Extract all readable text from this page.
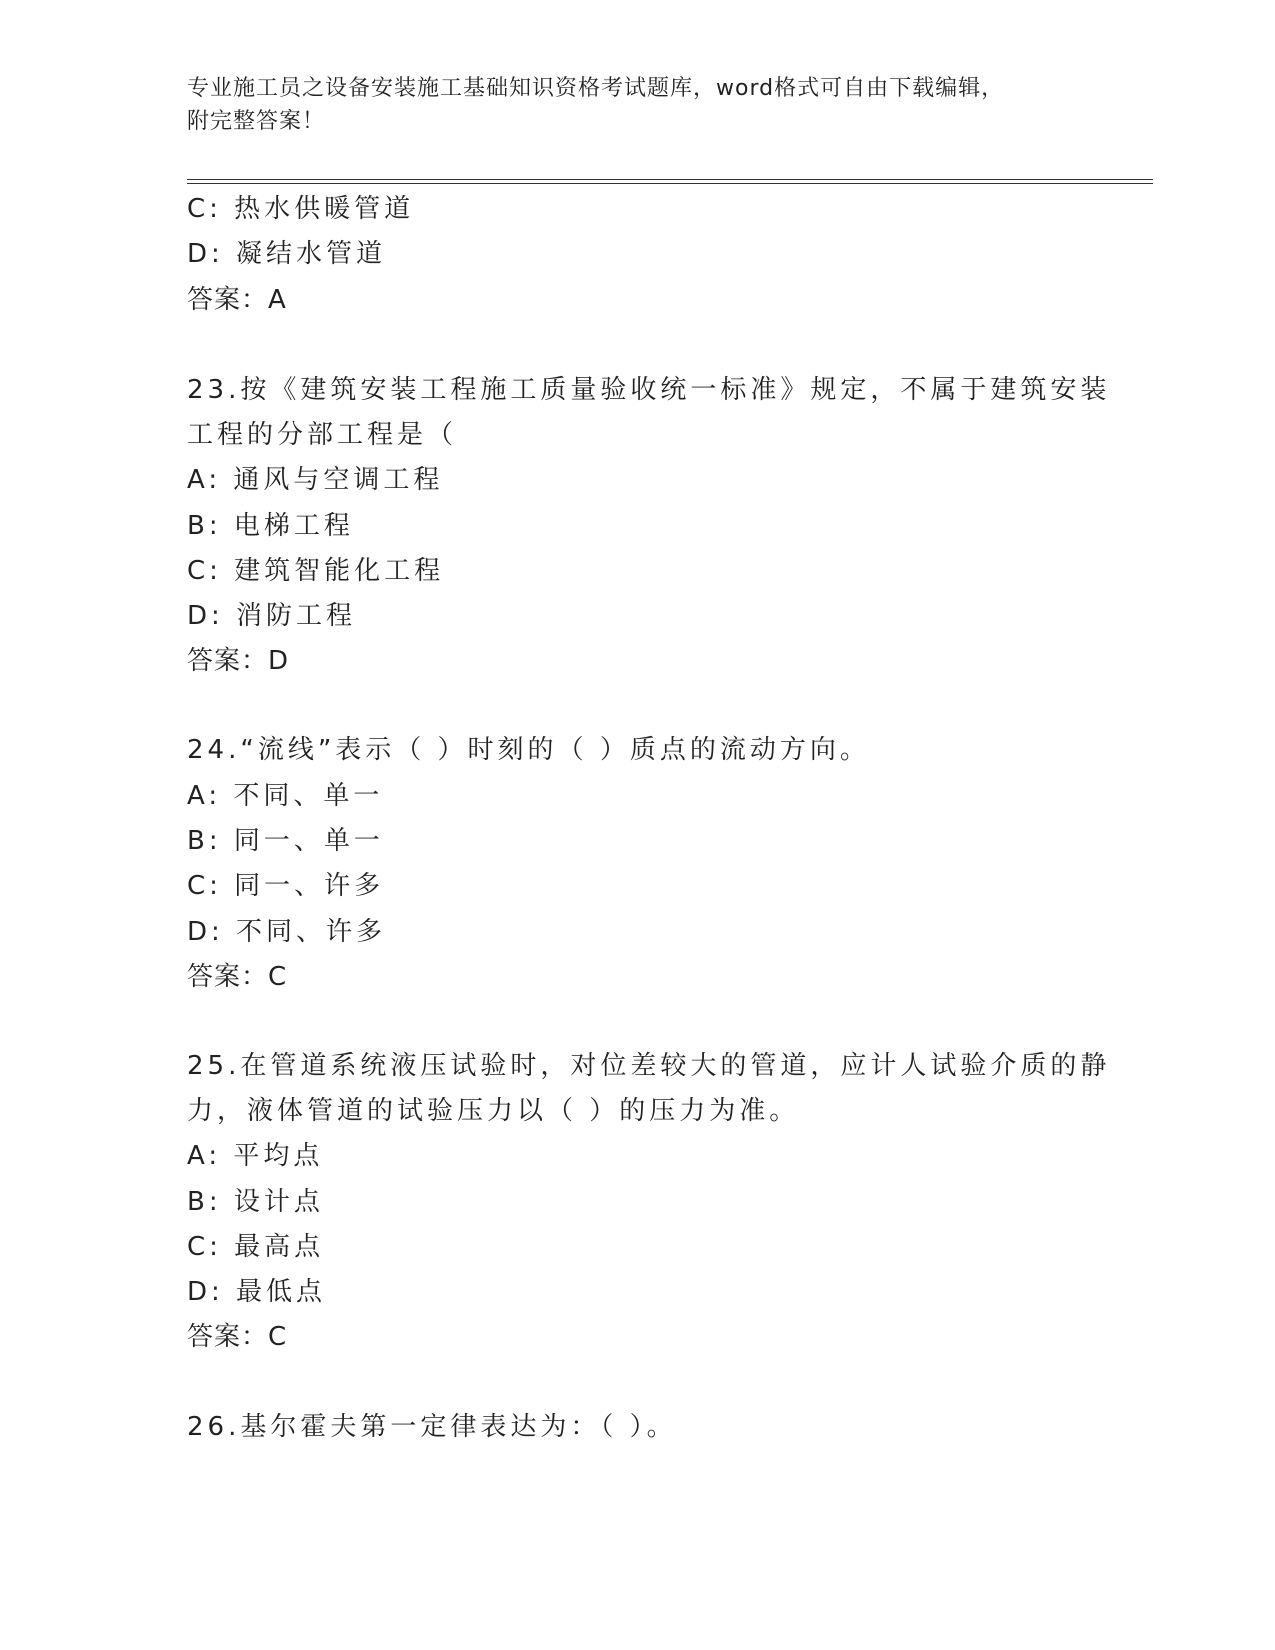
专业施工员之设备安装施工基础知识资格考试题库，word格式可自由下载编辑，
附完整答案！
C: 热水供暖管道
D: 凝结水管道
答案：A
23.按《建筑安装工程施工质量验收统一标准》规定，不属于建筑安装
工程的分部工程是（
A: 通风与空调工程
B: 电梯工程
C: 建筑智能化工程
D: 消防工程
答案：D
24.“流线”表示（ ）时刻的（ ）质点的流动方向。
A: 不同、单一
B: 同一、单一
C: 同一、许多
D: 不同、许多
答案：C
25.在管道系统液压试验时，对位差较大的管道，应计人试验介质的静
力，液体管道的试验压力以（ ）的压力为准。
A: 平均点
B: 设计点
C: 最高点
D: 最低点
答案：C
26.基尔霍夫第一定律表达为：（ ）。
